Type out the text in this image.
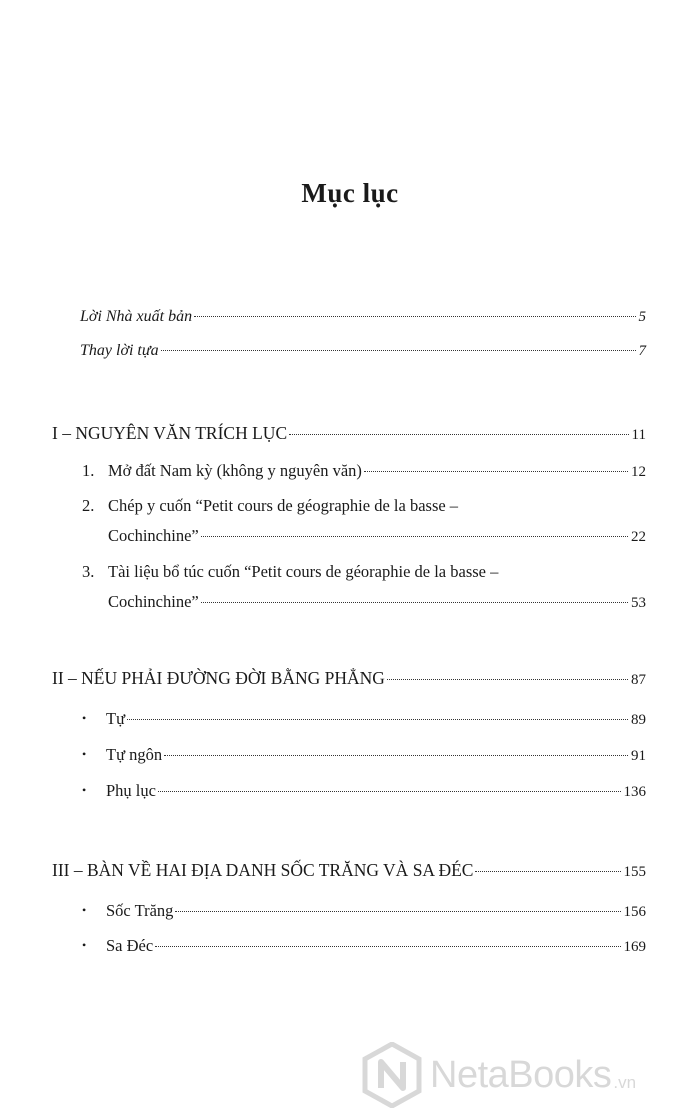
Mục lục
Lời Nhà xuất bản	5
Thay lời tựa	7
I – NGUYÊN VĂN TRÍCH LỤC	11
1. Mở đất Nam kỳ (không y nguyên văn)	12
2. Chép y cuốn “Petit cours de géographie de la basse –
Cochinchine”	22
3. Tài liệu bổ túc cuốn “Petit cours de géoraphie de la basse –
Cochinchine”	53
II – NẾU PHẢI ĐƯỜNG ĐỜI BẰNG PHẲNG	87
• Tự	89
• Tự ngôn	91
• Phụ lục	136
III – BÀN VỀ HAI ĐỊA DANH SỐC TRĂNG VÀ SA ĐÉC	155
• Sốc Trăng	156
• Sa Đéc	169
NetaBooks .vn
